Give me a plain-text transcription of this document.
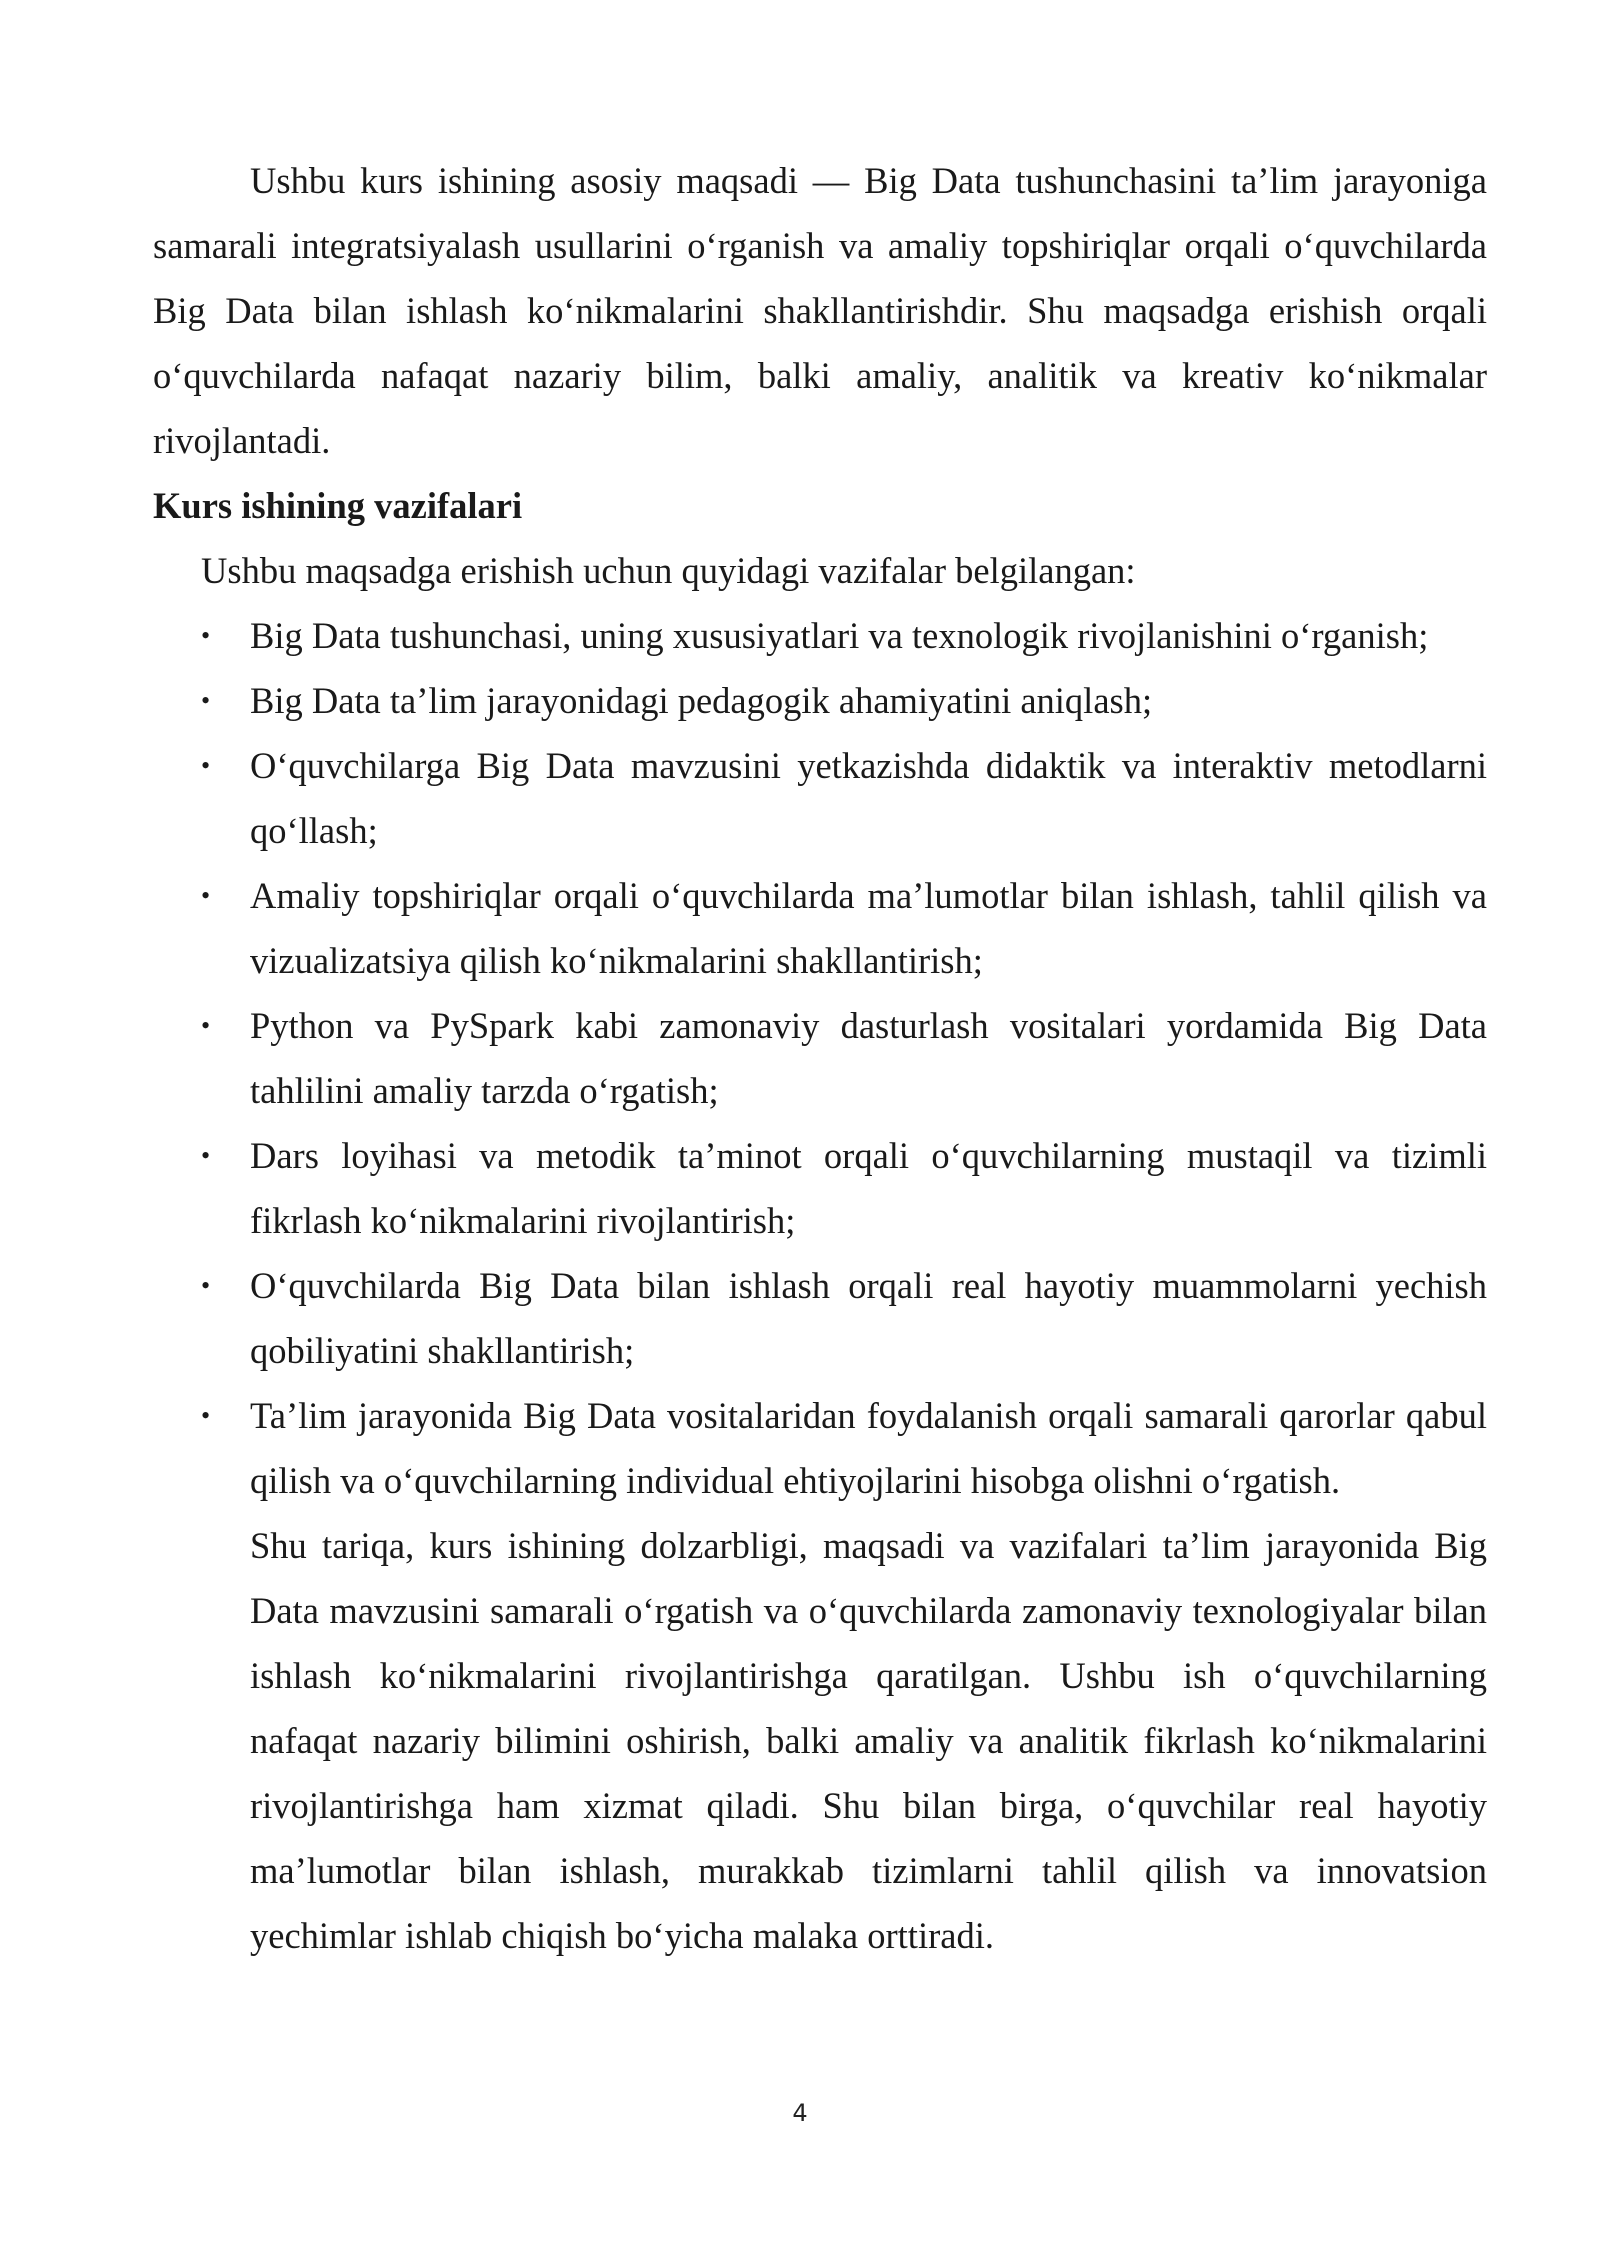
Ushbu kurs ishining asosiy maqsadi — Big Data tushunchasini ta’lim jarayoniga samarali integratsiyalash usullarini o‘rganish va amaliy topshiriqlar orqali o‘quvchilarda Big Data bilan ishlash ko‘nikmalarini shakllantirishdir. Shu maqsadga erishish orqali o‘quvchilarda nafaqat nazariy bilim, balki amaliy, analitik va kreativ ko‘nikmalar rivojlantadi.

Kurs ishining vazifalari

Ushbu maqsadga erishish uchun quyidagi vazifalar belgilangan:

• Big Data tushunchasi, uning xususiyatlari va texnologik rivojlanishini o‘rganish;
• Big Data ta’lim jarayonidagi pedagogik ahamiyatini aniqlash;
• O‘quvchilarga Big Data mavzusini yetkazishda didaktik va interaktiv metodlarni qo‘llash;
• Amaliy topshiriqlar orqali o‘quvchilarda ma’lumotlar bilan ishlash, tahlil qilish va vizualizatsiya qilish ko‘nikmalarini shakllantirish;
• Python va PySpark kabi zamonaviy dasturlash vositalari yordamida Big Data tahlilini amaliy tarzda o‘rgatish;
• Dars loyihasi va metodik ta’minot orqali o‘quvchilarning mustaqil va tizimli fikrlash ko‘nikmalarini rivojlantirish;
• O‘quvchilarda Big Data bilan ishlash orqali real hayotiy muammolarni yechish qobiliyatini shakllantirish;
• Ta’lim jarayonida Big Data vositalaridan foydalanish orqali samarali qarorlar qabul qilish va o‘quvchilarning individual ehtiyojlarini hisobga olishni o‘rgatish.

Shu tariqa, kurs ishining dolzarbligi, maqsadi va vazifalari ta’lim jarayonida Big Data mavzusini samarali o‘rgatish va o‘quvchilarda zamonaviy texnologiyalar bilan ishlash ko‘nikmalarini rivojlantirishga qaratilgan. Ushbu ish o‘quvchilarning nafaqat nazariy bilimini oshirish, balki amaliy va analitik fikrlash ko‘nikmalarini rivojlantirishga ham xizmat qiladi. Shu bilan birga, o‘quvchilar real hayotiy ma’lumotlar bilan ishlash, murakkab tizimlarni tahlil qilish va innovatsion yechimlar ishlab chiqish bo‘yicha malaka orttiradi.

4
